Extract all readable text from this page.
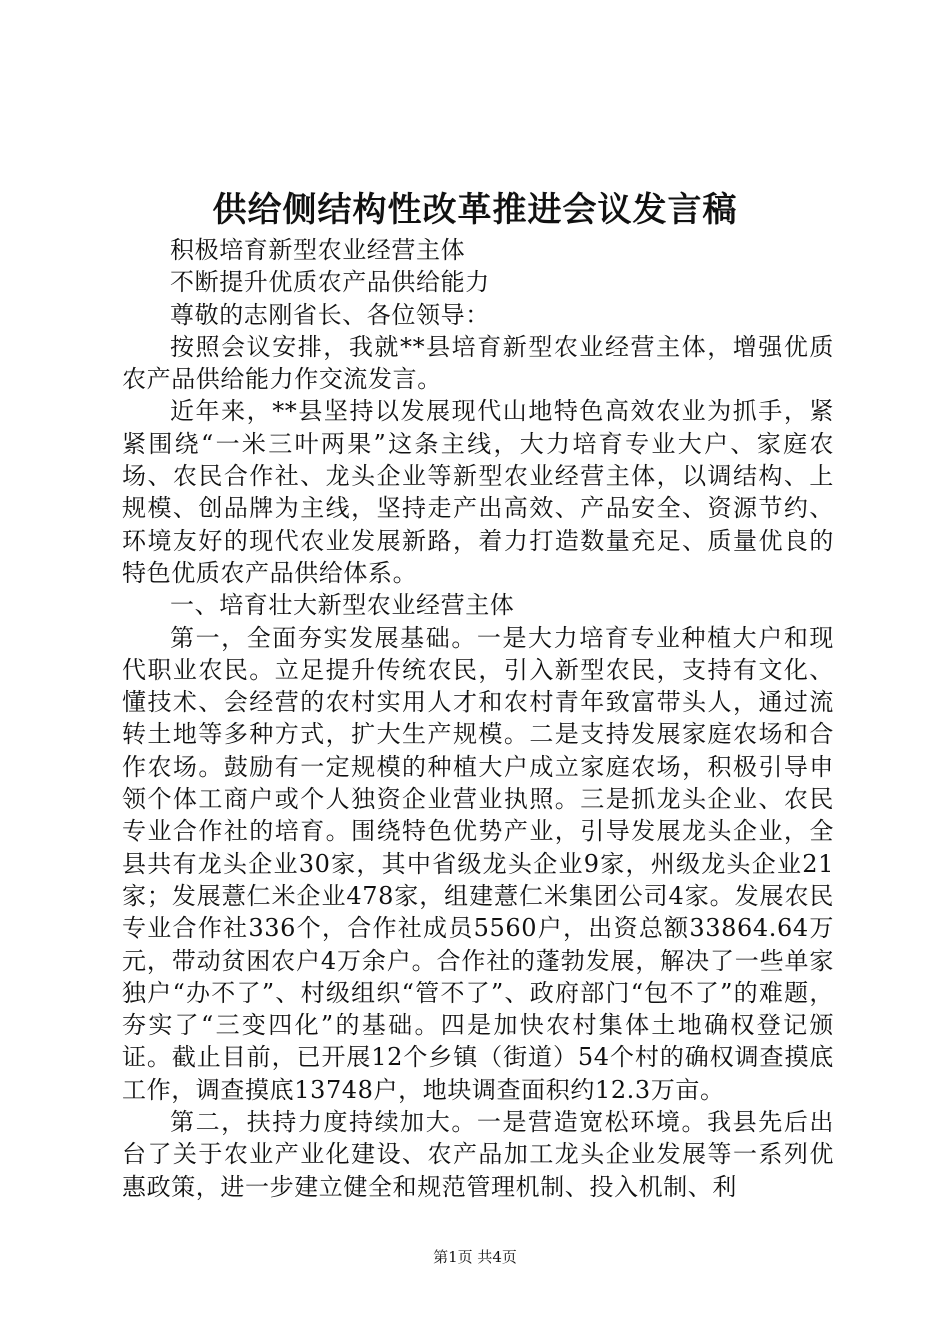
供给侧结构性改革推进会议发言稿

积极培育新型农业经营主体

不断提升优质农产品供给能力

尊敬的志刚省长、各位领导：

按照会议安排，我就**县培育新型农业经营主体，增强优质农产品供给能力作交流发言。

近年来，**县坚持以发展现代山地特色高效农业为抓手，紧紧围绕“一米三叶两果”这条主线，大力培育专业大户、家庭农场、农民合作社、龙头企业等新型农业经营主体，以调结构、上规模、创品牌为主线，坚持走产出高效、产品安全、资源节约、环境友好的现代农业发展新路，着力打造数量充足、质量优良的特色优质农产品供给体系。

一、培育壮大新型农业经营主体

第一，全面夯实发展基础。一是大力培育专业种植大户和现代职业农民。立足提升传统农民，引入新型农民，支持有文化、懂技术、会经营的农村实用人才和农村青年致富带头人，通过流转土地等多种方式，扩大生产规模。二是支持发展家庭农场和合作农场。鼓励有一定规模的种植大户成立家庭农场，积极引导申领个体工商户或个人独资企业营业执照。三是抓龙头企业、农民专业合作社的培育。围绕特色优势产业，引导发展龙头企业，全县共有龙头企业30家，其中省级龙头企业9家，州级龙头企业21家；发展薏仁米企业478家，组建薏仁米集团公司4家。发展农民专业合作社336个，合作社成员5560户，出资总额33864.64万元，带动贫困农户4万余户。合作社的蓬勃发展，解决了一些单家独户“办不了”、村级组织“管不了”、政府部门“包不了”的难题，夯实了“三变四化”的基础。四是加快农村集体土地确权登记颁证。截止目前，已开展12个乡镇（街道）54个村的确权调查摸底工作，调查摸底13748户，地块调查面积约12.3万亩。

第二，扶持力度持续加大。一是营造宽松环境。我县先后出台了关于农业产业化建设、农产品加工龙头企业发展等一系列优惠政策，进一步建立健全和规范管理机制、投入机制、利

第1页 共4页
